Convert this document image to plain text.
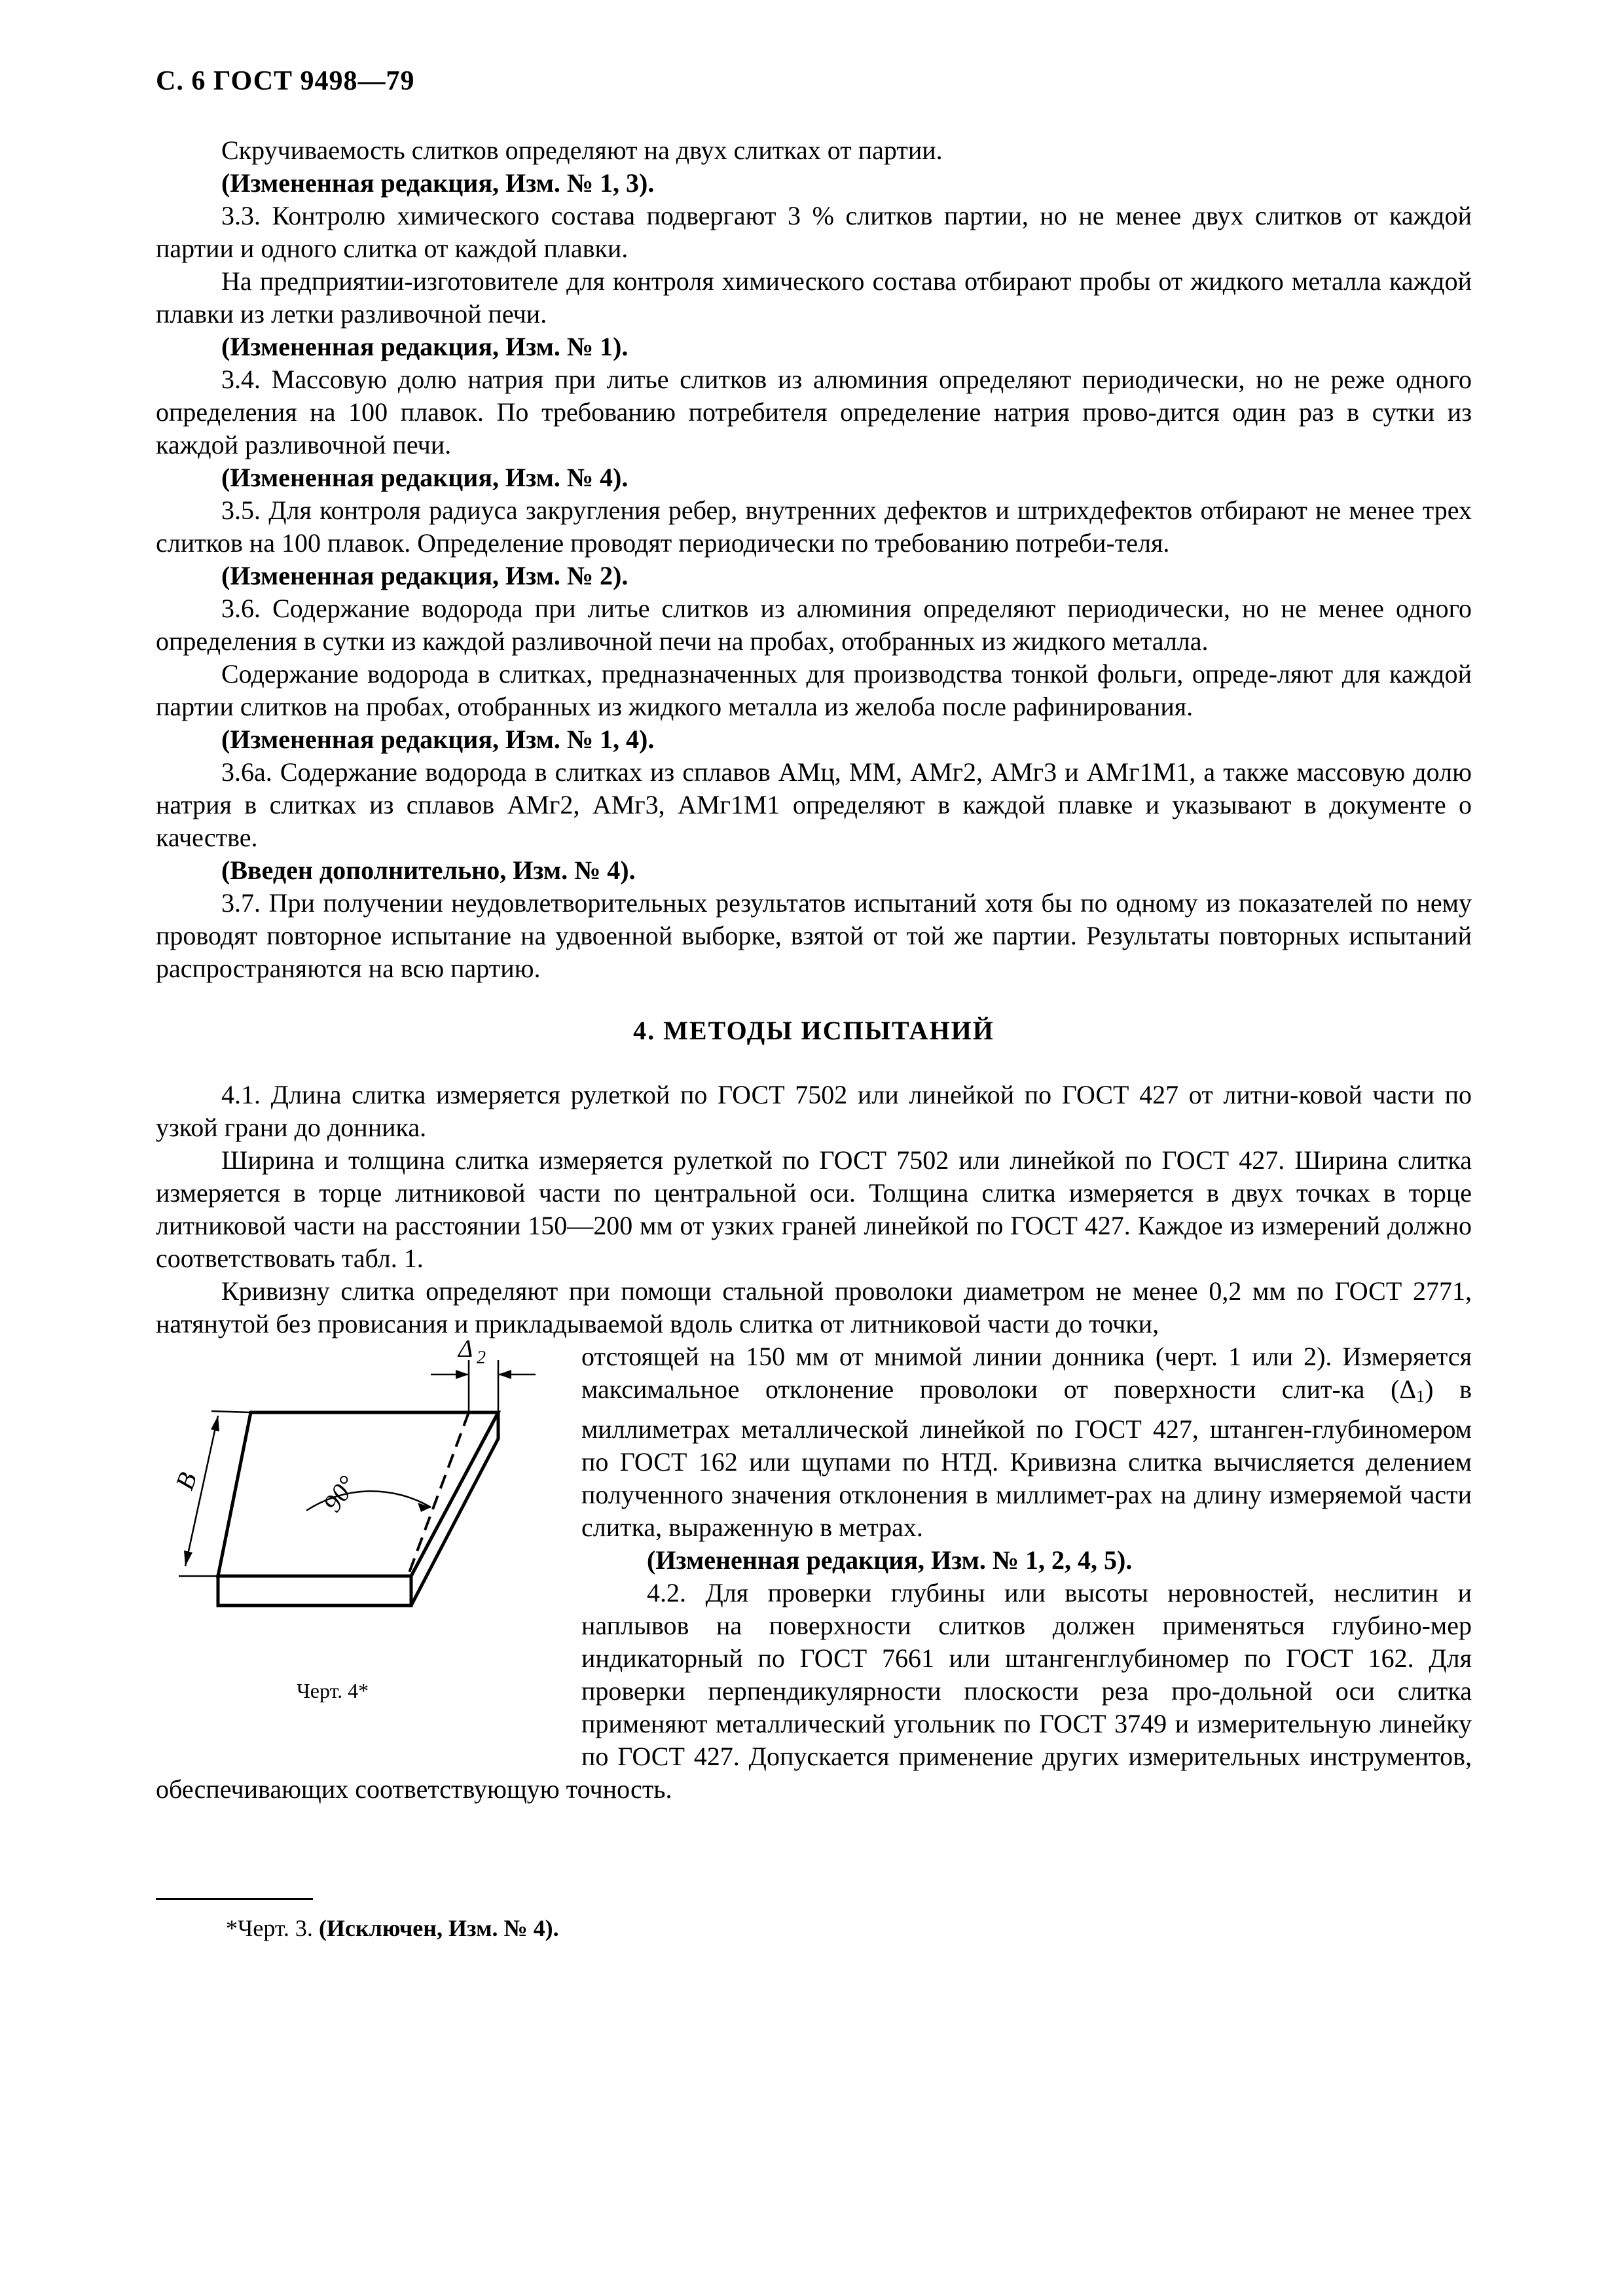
С. 6 ГОСТ 9498—79

Скручиваемость слитков определяют на двух слитках от партии.

(Измененная редакция, Изм. № 1, 3).

3.3. Контролю химического состава подвергают 3 % слитков партии, но не менее двух слитков от каждой партии и одного слитка от каждой плавки.

На предприятии-изготовителе для контроля химического состава отбирают пробы от жидкого металла каждой плавки из летки разливочной печи.

(Измененная редакция, Изм. № 1).

3.4. Массовую долю натрия при литье слитков из алюминия определяют периодически, но не реже одного определения на 100 плавок. По требованию потребителя определение натрия прово-дится один раз в сутки из каждой разливочной печи.

(Измененная редакция, Изм. № 4).

3.5. Для контроля радиуса закругления ребер, внутренних дефектов и штрихдефектов отбирают не менее трех слитков на 100 плавок. Определение проводят периодически по требованию потреби-теля.

(Измененная редакция, Изм. № 2).

3.6. Содержание водорода при литье слитков из алюминия определяют периодически, но не менее одного определения в сутки из каждой разливочной печи на пробах, отобранных из жидкого металла.

Содержание водорода в слитках, предназначенных для производства тонкой фольги, опреде-ляют для каждой партии слитков на пробах, отобранных из жидкого металла из желоба после рафинирования.

(Измененная редакция, Изм. № 1, 4).

3.6а. Содержание водорода в слитках из сплавов АМц, ММ, АМг2, АМг3 и АМг1М1, а также массовую долю натрия в слитках из сплавов АМг2, АМг3, АМг1М1 определяют в каждой плавке и указывают в документе о качестве.

(Введен дополнительно, Изм. № 4).

3.7. При получении неудовлетворительных результатов испытаний хотя бы по одному из показателей по нему проводят повторное испытание на удвоенной выборке, взятой от той же партии. Результаты повторных испытаний распространяются на всю партию.

4. МЕТОДЫ ИСПЫТАНИЙ

4.1. Длина слитка измеряется рулеткой по ГОСТ 7502 или линейкой по ГОСТ 427 от литни-ковой части по узкой грани до донника.

Ширина и толщина слитка измеряется рулеткой по ГОСТ 7502 или линейкой по ГОСТ 427. Ширина слитка измеряется в торце литниковой части по центральной оси. Толщина слитка измеряется в двух точках в торце литниковой части на расстоянии 150—200 мм от узких граней линейкой по ГОСТ 427. Каждое из измерений должно соответствовать табл. 1.

Кривизну слитка определяют при помощи стальной проволоки диаметром не менее 0,2 мм по ГОСТ 2771, натянутой без провисания и прикладываемой вдоль слитка от литниковой части до точки,

Δ 2
В	90°
Черт. 4*

отстоящей на 150 мм от мнимой линии донника (черт. 1 или 2). Измеряется максимальное отклонение проволоки от поверхности слит-ка $(\Delta_1)$ в миллиметрах металлической линейкой по ГОСТ 427, штанген-глубиномером по ГОСТ 162 или щупами по НТД. Кривизна слитка вычисляется делением полученного значения отклонения в миллимет-рах на длину измеряемой части слитка, выраженную в метрах.

(Измененная редакция, Изм. № 1, 2, 4, 5).

4.2. Для проверки глубины или высоты неровностей, неслитин и наплывов на поверхности слитков должен применяться глубино-мер индикаторный по ГОСТ 7661 или штангенглубиномер по ГОСТ 162. Для проверки перпендикулярности плоскости реза про-дольной оси слитка применяют металлический угольник по ГОСТ 3749 и измерительную линейку по ГОСТ 427. Допускается применение других измерительных инструментов, обеспечивающих соответствующую точность.

*Черт. 3. (Исключен, Изм. № 4).
